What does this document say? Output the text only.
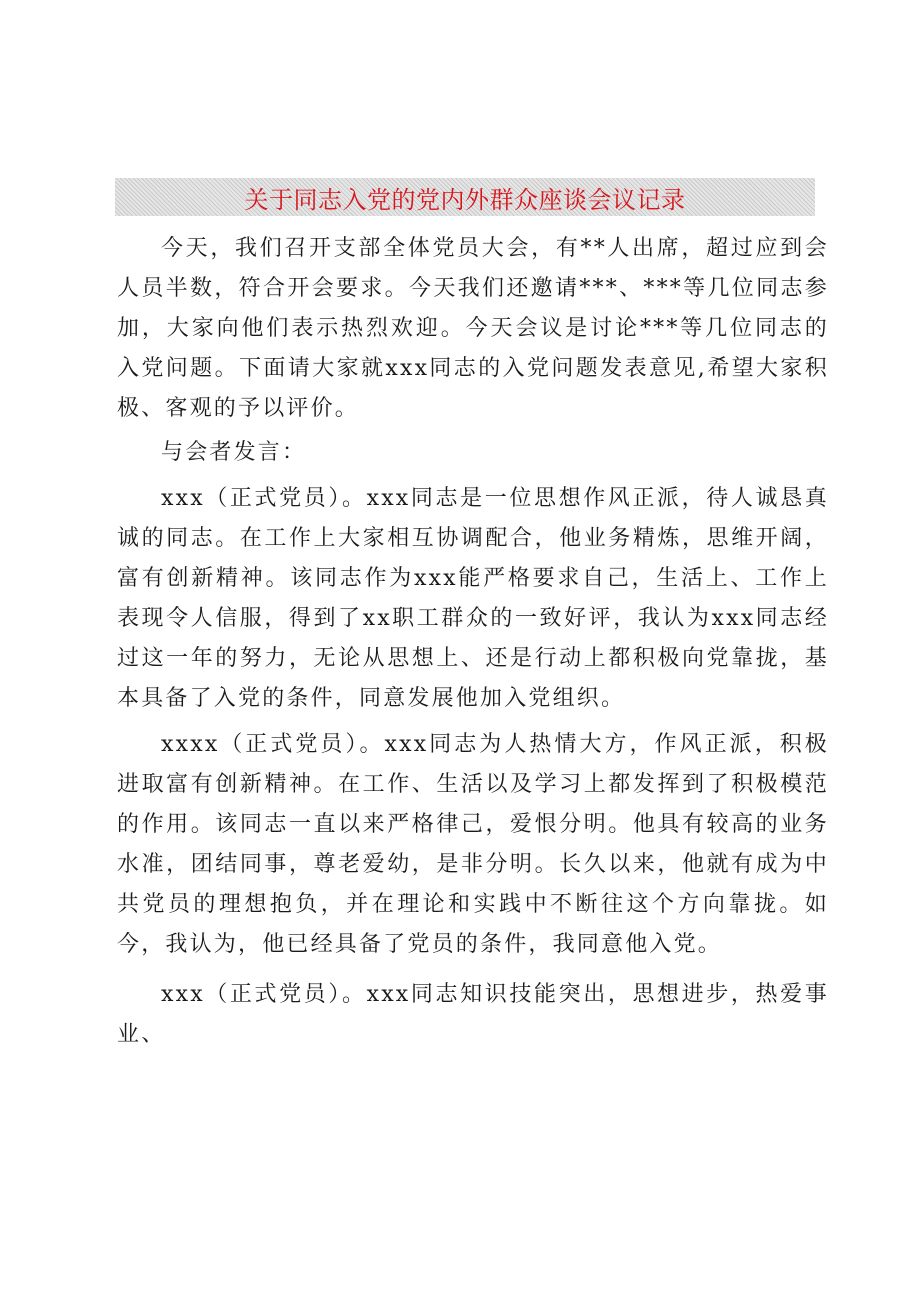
关于同志入党的党内外群众座谈会议记录

今天，我们召开支部全体党员大会，有**人出席，超过应到会人员半数，符合开会要求。今天我们还邀请***、***等几位同志参加，大家向他们表示热烈欢迎。今天会议是讨论***等几位同志的入党问题。下面请大家就xxx同志的入党问题发表意见,希望大家积极、客观的予以评价。

与会者发言：

xxx（正式党员）。xxx同志是一位思想作风正派，待人诚恳真诚的同志。在工作上大家相互协调配合，他业务精炼，思维开阔，富有创新精神。该同志作为xxx能严格要求自己，生活上、工作上表现令人信服，得到了xx职工群众的一致好评，我认为xxx同志经过这一年的努力，无论从思想上、还是行动上都积极向党靠拢，基本具备了入党的条件，同意发展他加入党组织。

xxxx（正式党员）。xxx同志为人热情大方，作风正派，积极进取富有创新精神。在工作、生活以及学习上都发挥到了积极模范的作用。该同志一直以来严格律己，爱恨分明。他具有较高的业务水准，团结同事，尊老爱幼，是非分明。长久以来，他就有成为中共党员的理想抱负，并在理论和实践中不断往这个方向靠拢。如今，我认为，他已经具备了党员的条件，我同意他入党。

xxx（正式党员）。xxx同志知识技能突出，思想进步，热爱事业、
